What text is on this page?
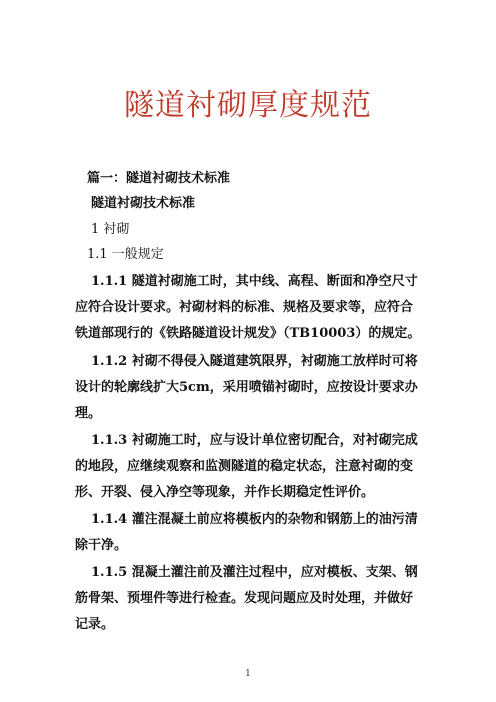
隧道衬砌厚度规范
篇一：隧道衬砌技术标准
隧道衬砌技术标准
1 衬砌
1.1 一般规定
1.1.1 隧道衬砌施工时，其中线、高程、断面和净空尺寸
应符合设计要求。衬砌材料的标准、规格及要求等，应符合
铁道部现行的《铁路隧道设计规发》（TB10003）的规定。
1.1.2 衬砌不得侵入隧道建筑限界，衬砌施工放样时可将
设计的轮廓线扩大5cm，采用喷锚衬砌时，应按设计要求办
理。
1.1.3 衬砌施工时，应与设计单位密切配合，对衬砌完成
的地段，应继续观察和监测隧道的稳定状态，注意衬砌的变
形、开裂、侵入净空等现象，并作长期稳定性评价。
1.1.4 灌注混凝土前应将模板内的杂物和钢筋上的油污清
除干净。
1.1.5 混凝土灌注前及灌注过程中，应对模板、支架、钢
筋骨架、预埋件等进行检查。发现问题应及时处理，并做好
记录。
1
